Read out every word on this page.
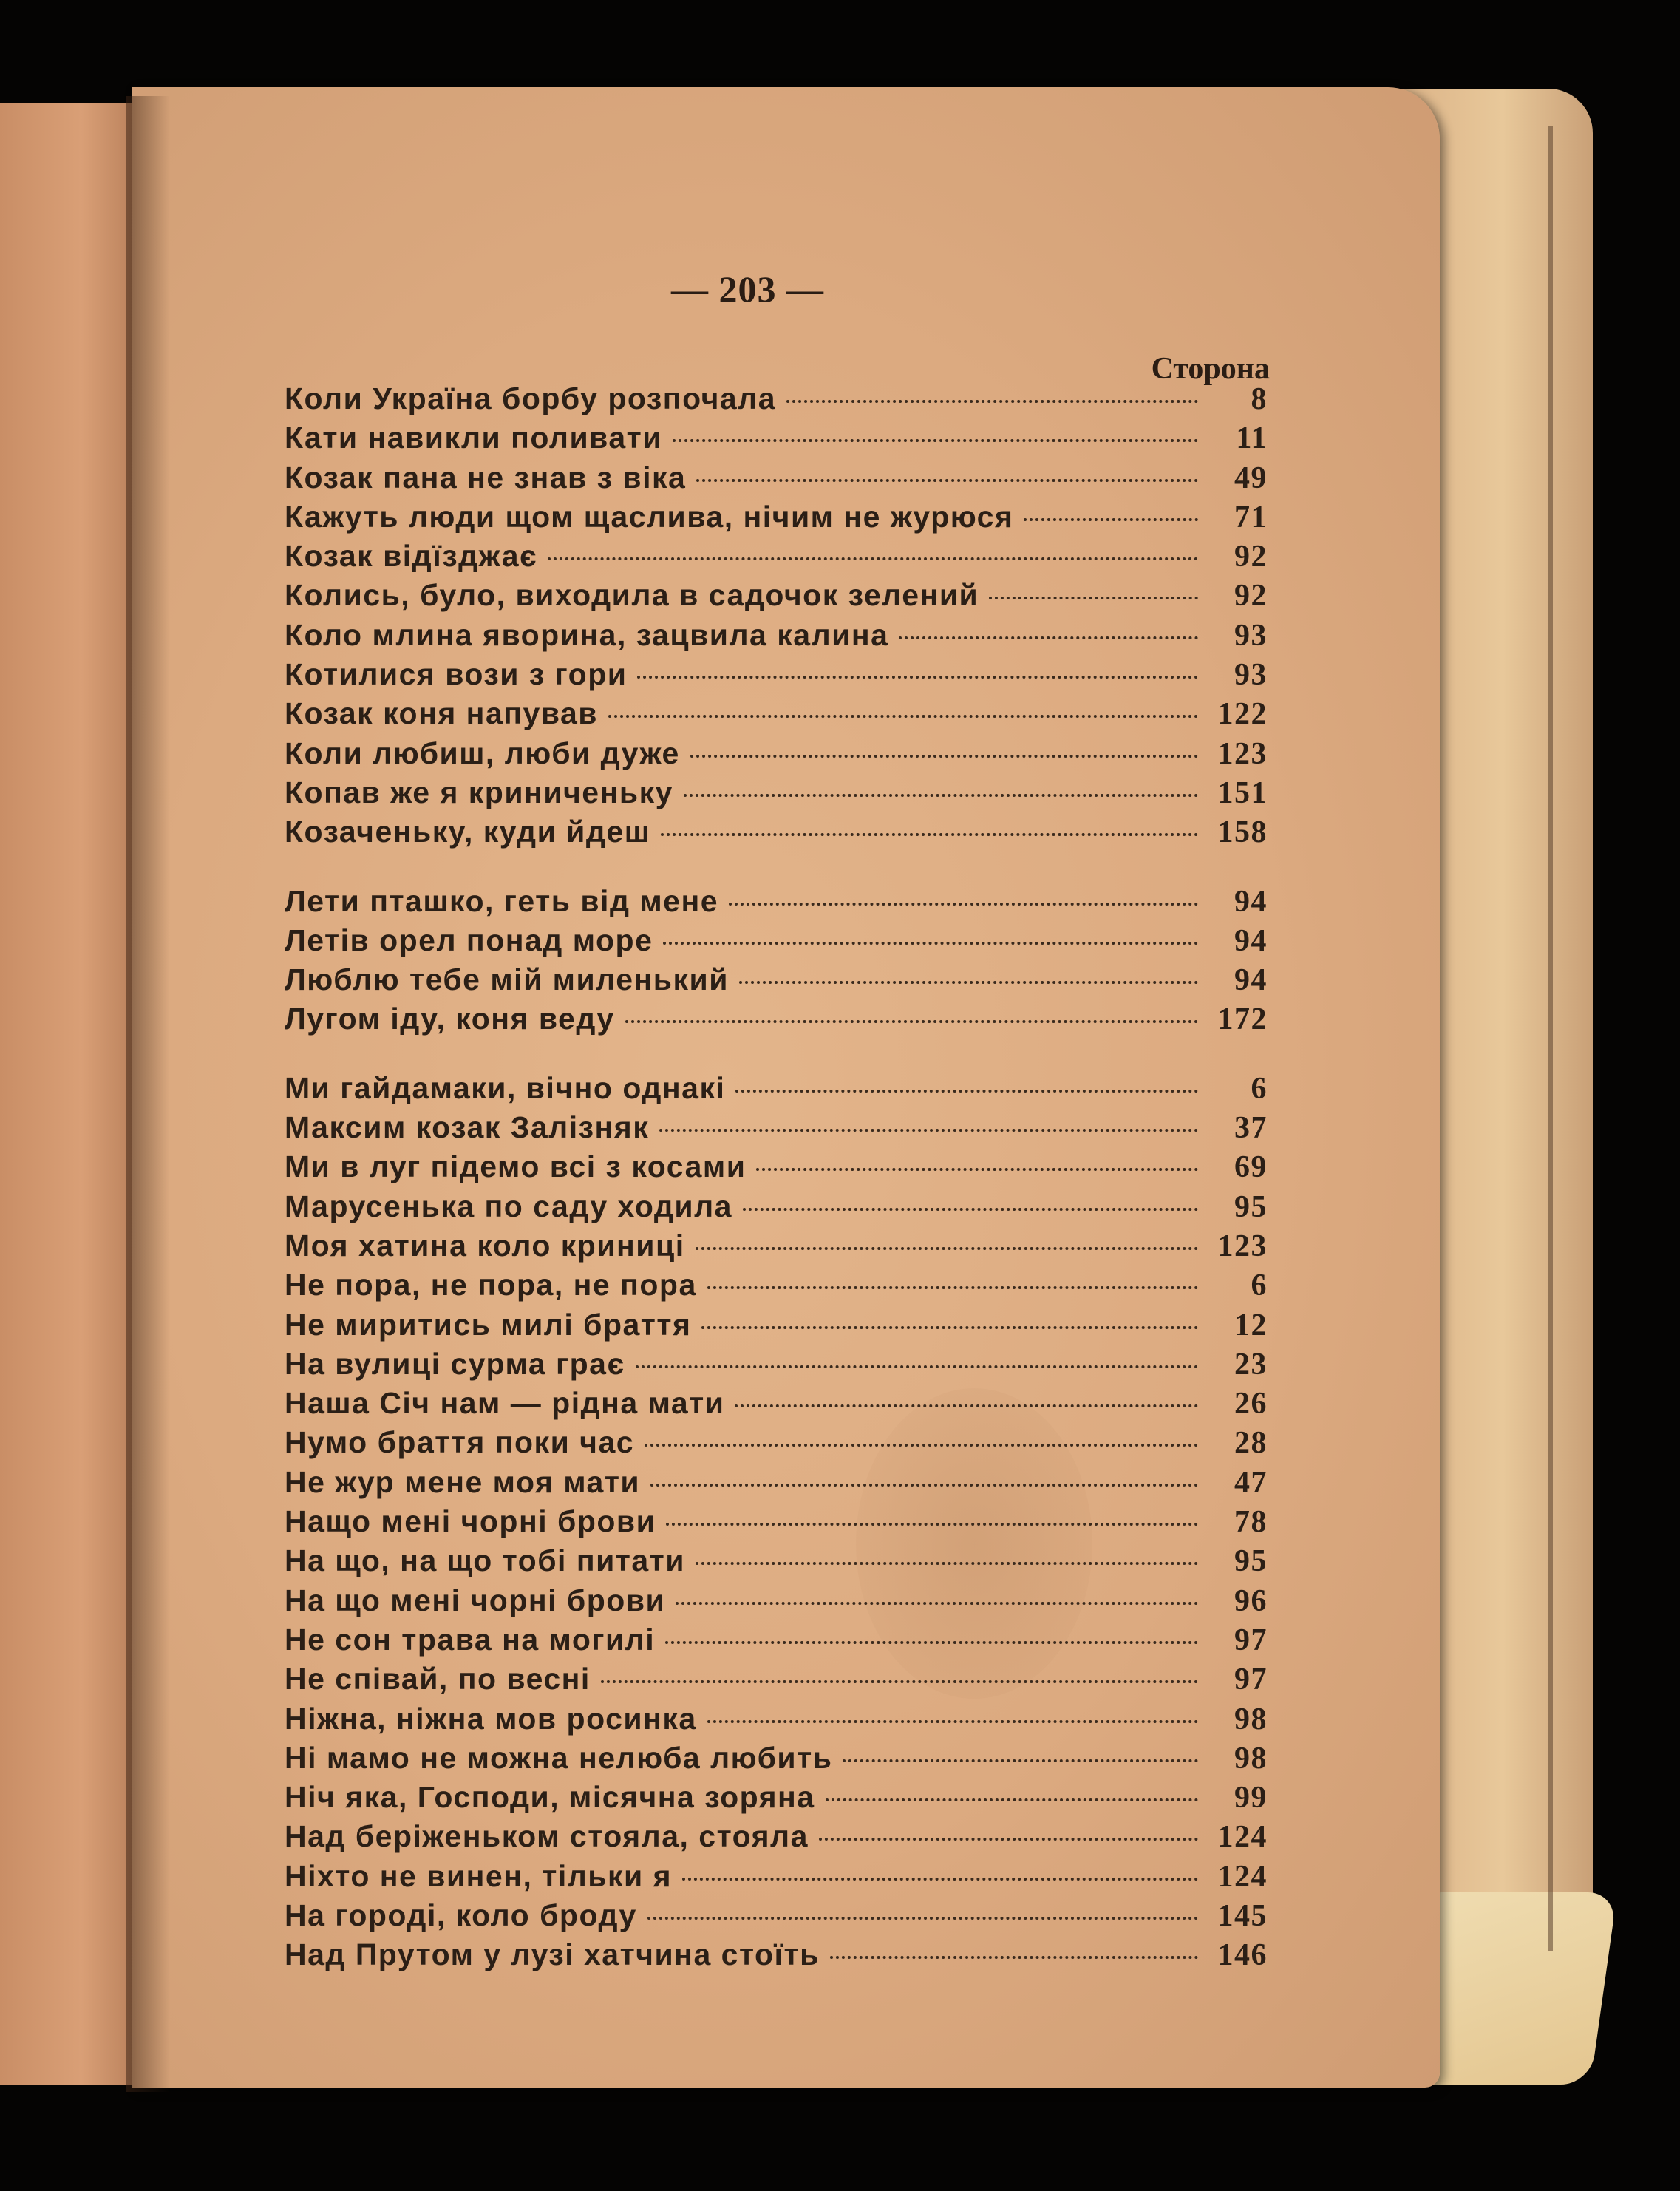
— 203 —
Сторона
Коли Україна борбу розпочала	8
Кати навикли поливати	11
Козак пана не знав з віка	49
Кажуть люди щом щаслива, нічим не журюся	71
Козак відїзджає	92
Колись, було, виходила в садочок зелений	92
Коло млина яворина, зацвила калина	93
Котилися вози з гори	93
Козак коня напував	122
Коли любиш, люби дуже	123
Копав же я криниченьку	151
Козаченьку, куди йдеш	158
Лети пташко, геть від мене	94
Летів орел понад море	94
Люблю тебе мій миленький	94
Лугом іду, коня веду	172
Ми гайдамаки, вічно однакі	6
Максим козак Залізняк	37
Ми в луг підемо всі з косами	69
Марусенька по саду ходила	95
Моя хатина коло криниці	123
Не пора, не пора, не пора	6
Не миритись милі браття	12
На вулиці сурма грає	23
Наша Січ нам — рідна мати	26
Нумо браття поки час	28
Не жур мене моя мати	47
Нащо мені чорні брови	78
На що, на що тобі питати	95
На що мені чорні брови	96
Не сон трава на могилі	97
Не співай, по весні	97
Ніжна, ніжна мов росинка	98
Ні мамо не можна нелюба любить	98
Ніч яка, Господи, місячна зоряна	99
Над беріженьком стояла, стояла	124
Ніхто не винен, тільки я	124
На городі, коло броду	145
Над Прутом у лузі хатчина стоїть	146
